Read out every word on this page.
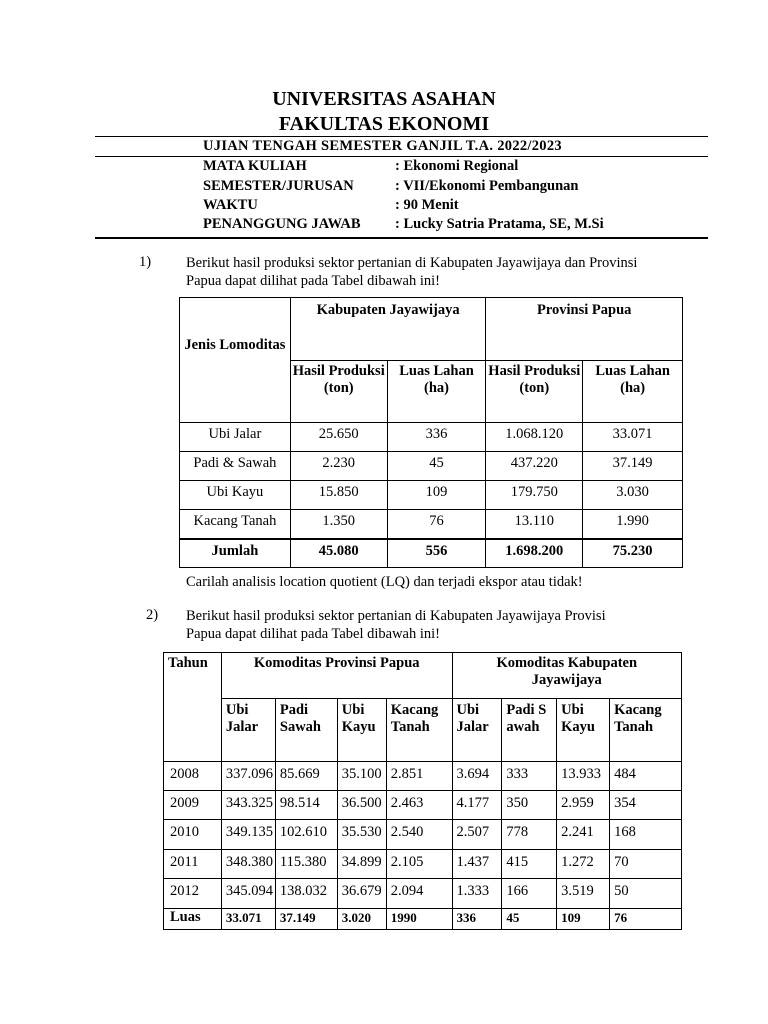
UNIVERSITAS ASAHAN
FAKULTAS EKONOMI
UJIAN TENGAH SEMESTER GANJIL T.A. 2022/2023
MATA KULIAH	: Ekonomi Regional
SEMESTER/JURUSAN	: VII/Ekonomi Pembangunan
WAKTU	: 90 Menit
PENANGGUNG JAWAB : Lucky Satria Pratama, SE, M.Si
1) Berikut hasil produksi sektor pertanian di Kabupaten Jayawijaya dan Provinsi
Papua dapat dilihat pada Tabel dibawah ini!
Jenis Lomoditas	Kabupaten Jayawijaya		Provinsi Papua	
	Hasil Produksi (ton)	Luas Lahan (ha)	Hasil Produksi (ton)	Luas Lahan (ha)
Ubi Jalar	25.650	336	1.068.120	33.071
Padi & Sawah	2.230	45	437.220	37.149
Ubi Kayu	15.850	109	179.750	3.030
Kacang Tanah	1.350	76	13.110	1.990
Jumlah	45.080	556	1.698.200	75.230
Carilah analisis location quotient (LQ) dan terjadi ekspor atau tidak!
2) Berikut hasil produksi sektor pertanian di Kabupaten Jayawijaya Provisi
Papua dapat dilihat pada Tabel dibawah ini!
Tahun	Komoditas Provinsi Papua				Komoditas Kabupaten Jayawijaya			
	Ubi Jalar	Padi Sawah	Ubi Kayu	Kacang Tanah	Ubi Jalar	Padi Sawah	Ubi Kayu	Kacang Tanah
2008	337.096	85.669	35.100	2.851	3.694	333	13.933	484
2009	343.325	98.514	36.500	2.463	4.177	350	2.959	354
2010	349.135	102.610	35.530	2.540	2.507	778	2.241	168
2011	348.380	115.380	34.899	2.105	1.437	415	1.272	70
2012	345.094	138.032	36.679	2.094	1.333	166	3.519	50
Luas	33.071	37.149	3.020	1990	336	45	109	76
